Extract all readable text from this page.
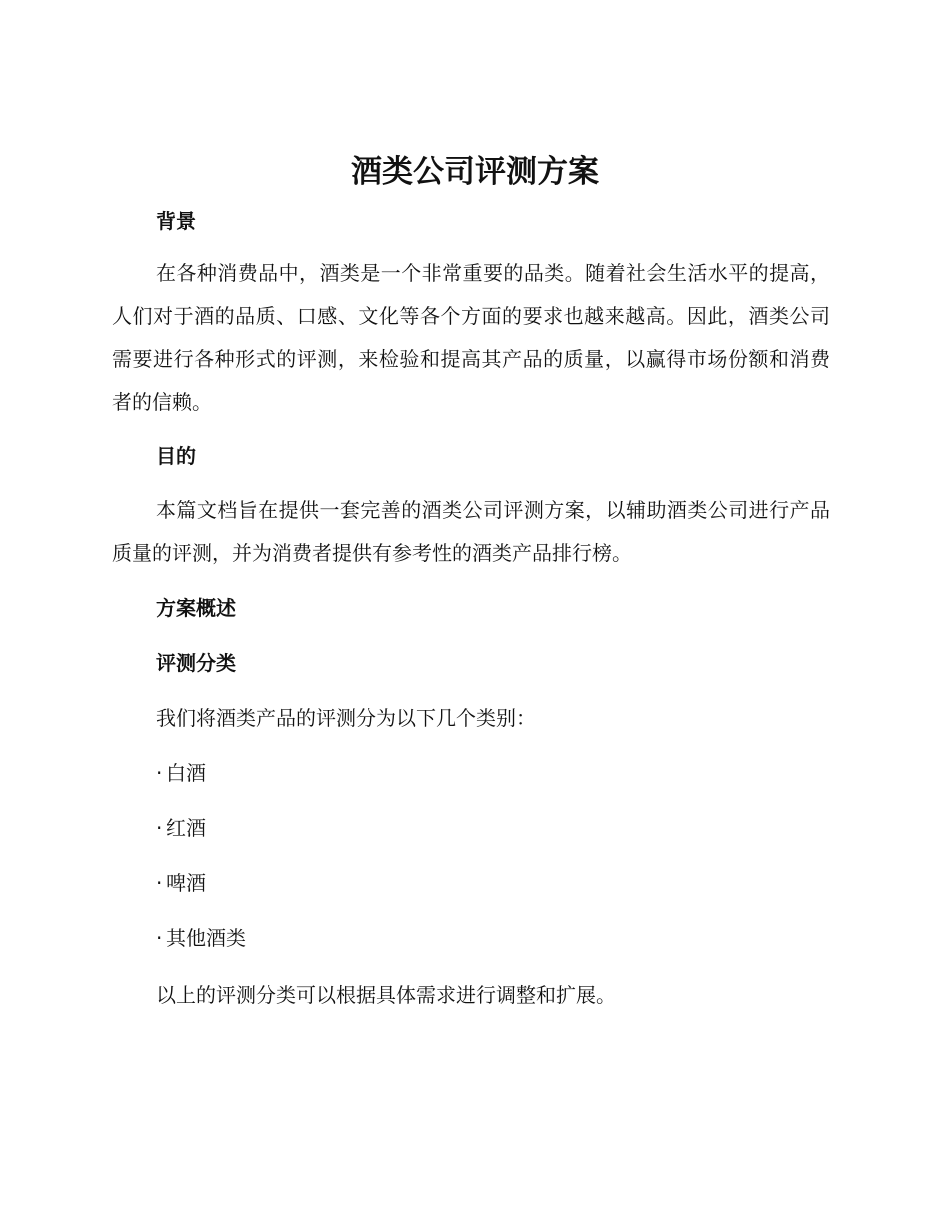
酒类公司评测方案
背景

在各种消费品中，酒类是一个非常重要的品类。随着社会生活水平的提高，人们对于酒的品质、口感、文化等各个方面的要求也越来越高。因此，酒类公司需要进行各种形式的评测，来检验和提高其产品的质量，以赢得市场份额和消费者的信赖。

目的

本篇文档旨在提供一套完善的酒类公司评测方案，以辅助酒类公司进行产品质量的评测，并为消费者提供有参考性的酒类产品排行榜。

方案概述
评测分类

我们将酒类产品的评测分为以下几个类别：

· 白酒

· 红酒

· 啤酒

· 其他酒类

以上的评测分类可以根据具体需求进行调整和扩展。
